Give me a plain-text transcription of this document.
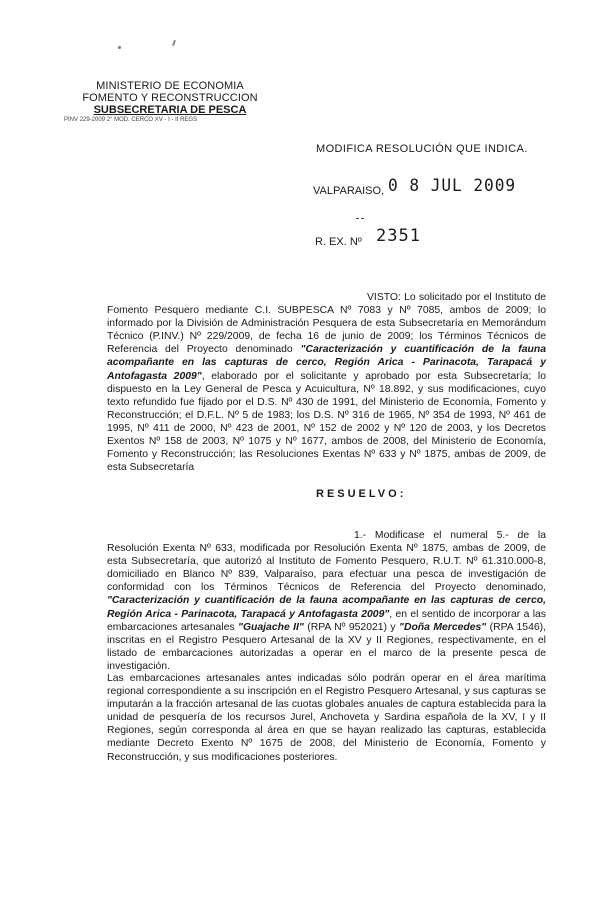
MINISTERIO DE ECONOMIA
FOMENTO Y RECONSTRUCCION
SUBSECRETARIA DE PESCA
PINV 229-2009 2° MOD. CERCO XV - I - II REGS
MODIFICA RESOLUCIÓN QUE INDICA.
VALPARAISO, 0 8 JUL 2009
R. EX. Nº 2351
VISTO: Lo solicitado por el Instituto de Fomento Pesquero mediante C.I. SUBPESCA Nº 7083 y Nº 7085, ambos de 2009; lo informado por la División de Administración Pesquera de esta Subsecretaría en Memorándum Técnico (P.INV.) Nº 229/2009, de fecha 16 de junio de 2009; los Términos Técnicos de Referencia del Proyecto denominado "Caracterización y cuantificación de la fauna acompañante en las capturas de cerco, Región Arica - Parinacota, Tarapacá y Antofagasta 2009", elaborado por el solicitante y aprobado por esta Subsecretaría; lo dispuesto en la Ley General de Pesca y Acuicultura, Nº 18.892, y sus modificaciones, cuyo texto refundido fue fijado por el D.S. Nº 430 de 1991, del Ministerio de Economía, Fomento y Reconstrucción; el D.F.L. Nº 5 de 1983; los D.S. Nº 316 de 1965, Nº 354 de 1993, Nº 461 de 1995, Nº 411 de 2000, Nº 423 de 2001, Nº 152 de 2002 y Nº 120 de 2003, y los Decretos Exentos Nº 158 de 2003, Nº 1075 y Nº 1677, ambos de 2008, del Ministerio de Economía, Fomento y Reconstrucción; las Resoluciones Exentas Nº 633 y Nº 1875, ambas de 2009, de esta Subsecretaría
RESUELVO:
1.- Modificase el numeral 5.- de la Resolución Exenta Nº 633, modificada por Resolución Exenta Nº 1875, ambas de 2009, de esta Subsecretaría, que autorizó al Instituto de Fomento Pesquero, R.U.T. Nº 61.310.000-8, domiciliado en Blanco Nº 839, Valparaíso, para efectuar una pesca de investigación de conformidad con los Términos Técnicos de Referencia del Proyecto denominado, "Caracterización y cuantificación de la fauna acompañante en las capturas de cerco, Región Arica - Parinacota, Tarapacá y Antofagasta 2009", en el sentido de incorporar a las embarcaciones artesanales "Guajache II" (RPA Nº 952021) y "Doña Mercedes" (RPA 1546), inscritas en el Registro Pesquero Artesanal de la XV y II Regiones, respectivamente, en el listado de embarcaciones autorizadas a operar en el marco de la presente pesca de investigación.
Las embarcaciones artesanales antes indicadas sólo podrán operar en el área marítima regional correspondiente a su inscripción en el Registro Pesquero Artesanal, y sus capturas se imputarán a la fracción artesanal de las cuotas globales anuales de captura establecida para la unidad de pesquería de los recursos Jurel, Anchoveta y Sardina española de la XV, I y II Regiones, según corresponda al área en que se hayan realizado las capturas, establecida mediante Decreto Exento Nº 1675 de 2008, del Ministerio de Economía, Fomento y Reconstrucción, y sus modificaciones posteriores.
